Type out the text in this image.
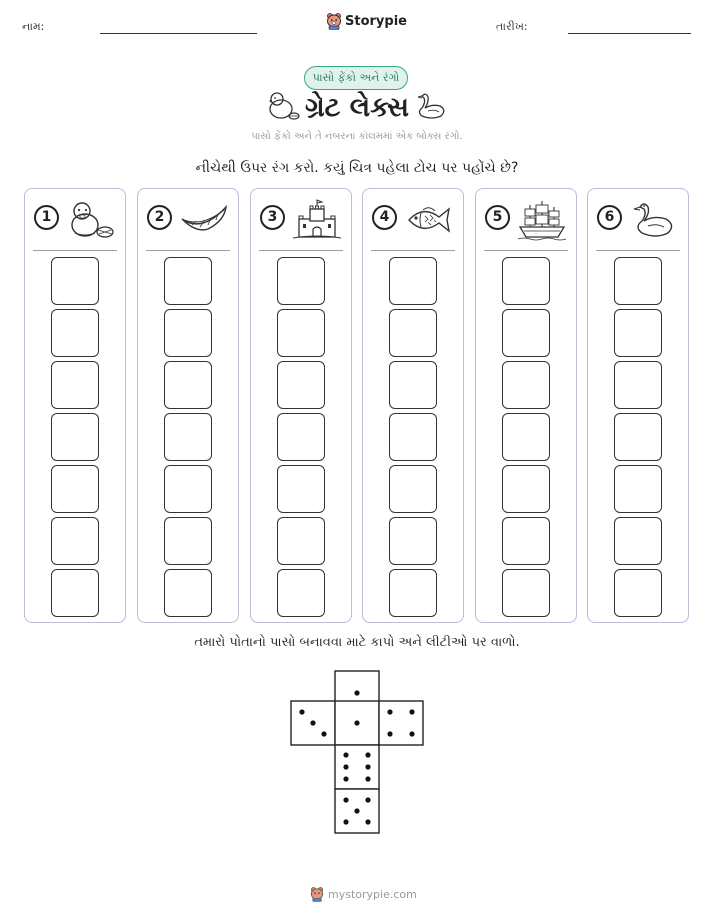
નામ:	Storypie	તારીખ:
પાસો ફેંકો અને રંગો
ગ્રેટ લેક્સ
પાસો ફેંકો અને તે નંબરના કૉલમમાં એક બોક્સ રંગો.
નીચેથી ઉપર રંગ કરો. કયું ચિત્ર પહેલા ટોચ પર પહોંચે છે?
1	2	3	4	5	6
તમારો પોતાનો પાસો બનાવવા માટે કાપો અને લીટીઓ પર વાળો.
mystorypie.com
